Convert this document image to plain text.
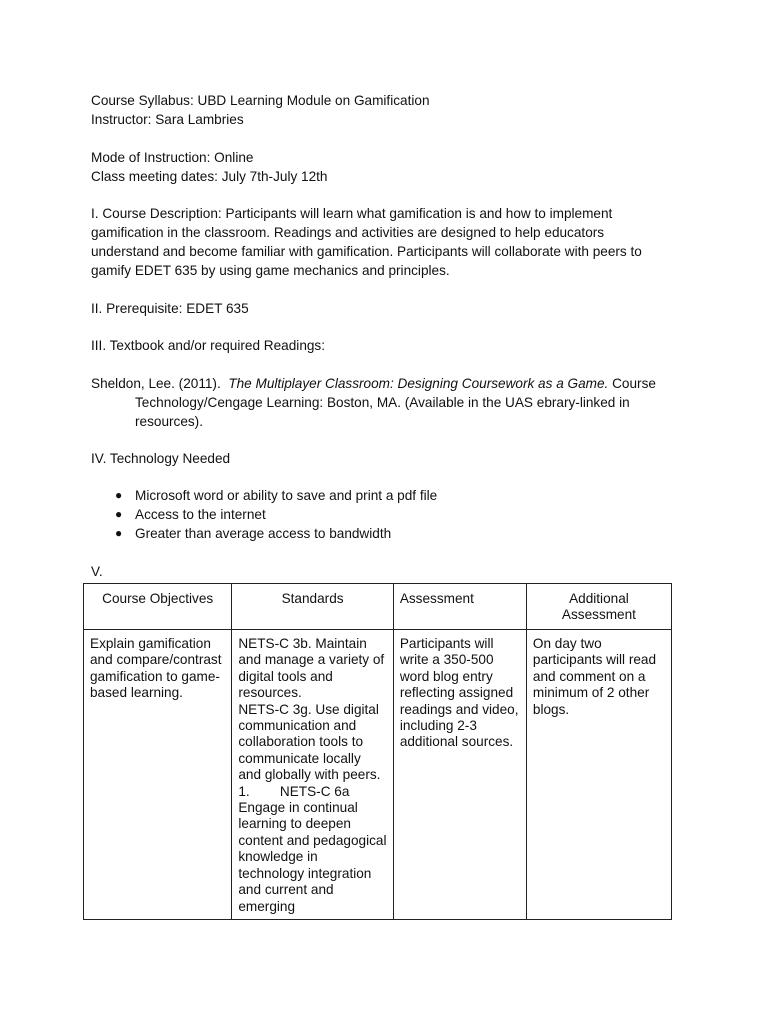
Course Syllabus: UBD Learning Module on Gamification
Instructor: Sara Lambries
Mode of Instruction: Online
Class meeting dates: July 7th-July 12th
I. Course Description: Participants will learn what gamification is and how to implement
gamification in the classroom. Readings and activities are designed to help educators
understand and become familiar with gamification. Participants will collaborate with peers to
gamify EDET 635 by using game mechanics and principles.
II. Prerequisite: EDET 635
III. Textbook and/or required Readings:
Sheldon, Lee. (2011). The Multiplayer Classroom: Designing Coursework as a Game. Course
Technology/Cengage Learning: Boston, MA. (Available in the UAS ebrary-linked in
resources).
IV. Technology Needed
● Microsoft word or ability to save and print a pdf file
● Access to the internet
● Greater than average access to bandwidth
V.
Course Objectives	Standards	Assessment	Additional Assessment
Explain gamification and compare/contrast gamification to game-based learning.	NETS-C 3b. Maintain and manage a variety of digital tools and resources.
NETS-C 3g. Use digital communication and collaboration tools to communicate locally and globally with peers.
1.        NETS-C 6a Engage in continual learning to deepen content and pedagogical knowledge in technology integration and current and emerging	Participants will write a 350-500 word blog entry reflecting assigned readings and video, including 2-3 additional sources.	On day two participants will read and comment on a minimum of 2 other blogs.
